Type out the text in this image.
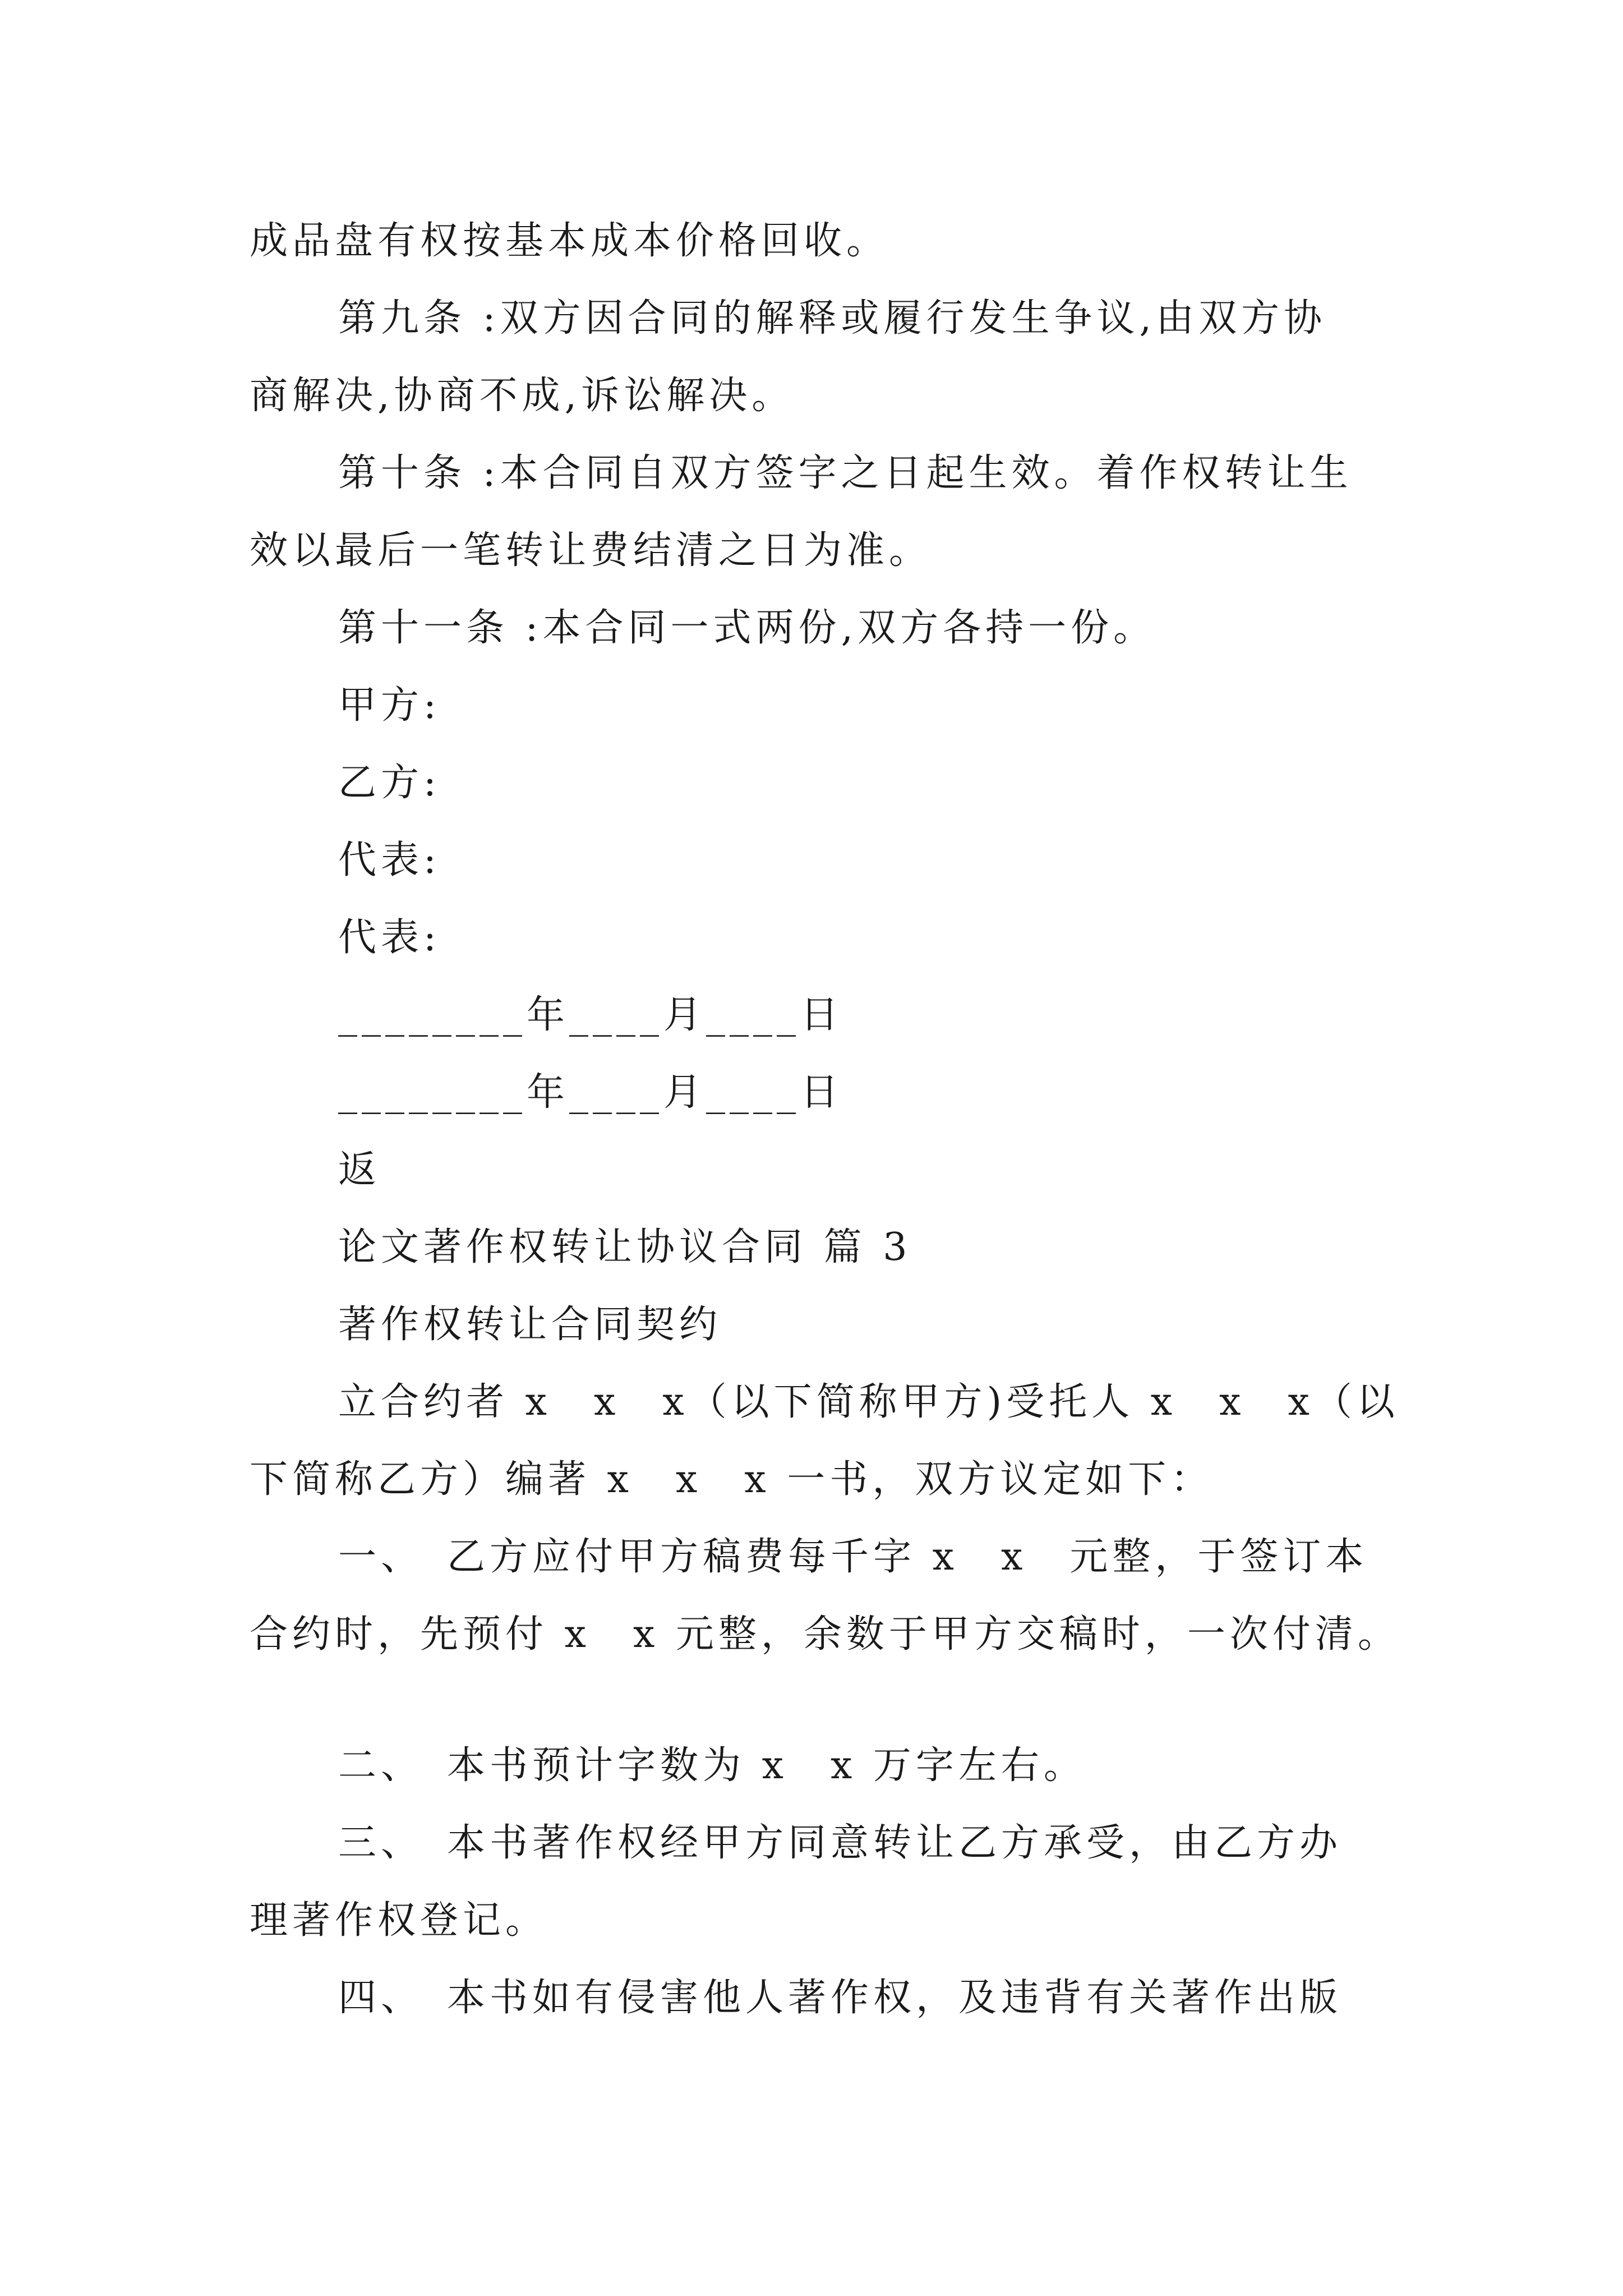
成品盘有权按基本成本价格回收。
第九条 :双方因合同的解释或履行发生争议,由双方协
商解决,协商不成,诉讼解决。
第十条 :本合同自双方签字之日起生效。着作权转让生
效以最后一笔转让费结清之日为准。
第十一条 :本合同一式两份,双方各持一份。
甲方:
乙方:
代表:
代表:
________年____月____日
________年____月____日
返
论文著作权转让协议合同 篇 3
著作权转让合同契约
立合约者 x　x　x（以下简称甲方)受托人 x　x　x（以
下简称乙方）编著 x　x　x 一书，双方议定如下：
一、　乙方应付甲方稿费每千字 x　x　元整，于签订本
合约时，先预付 x　x 元整，余数于甲方交稿时，一次付清。
二、　本书预计字数为 x　x 万字左右。
三、　本书著作权经甲方同意转让乙方承受，由乙方办
理著作权登记。
四、　本书如有侵害他人著作权，及违背有关著作出版
